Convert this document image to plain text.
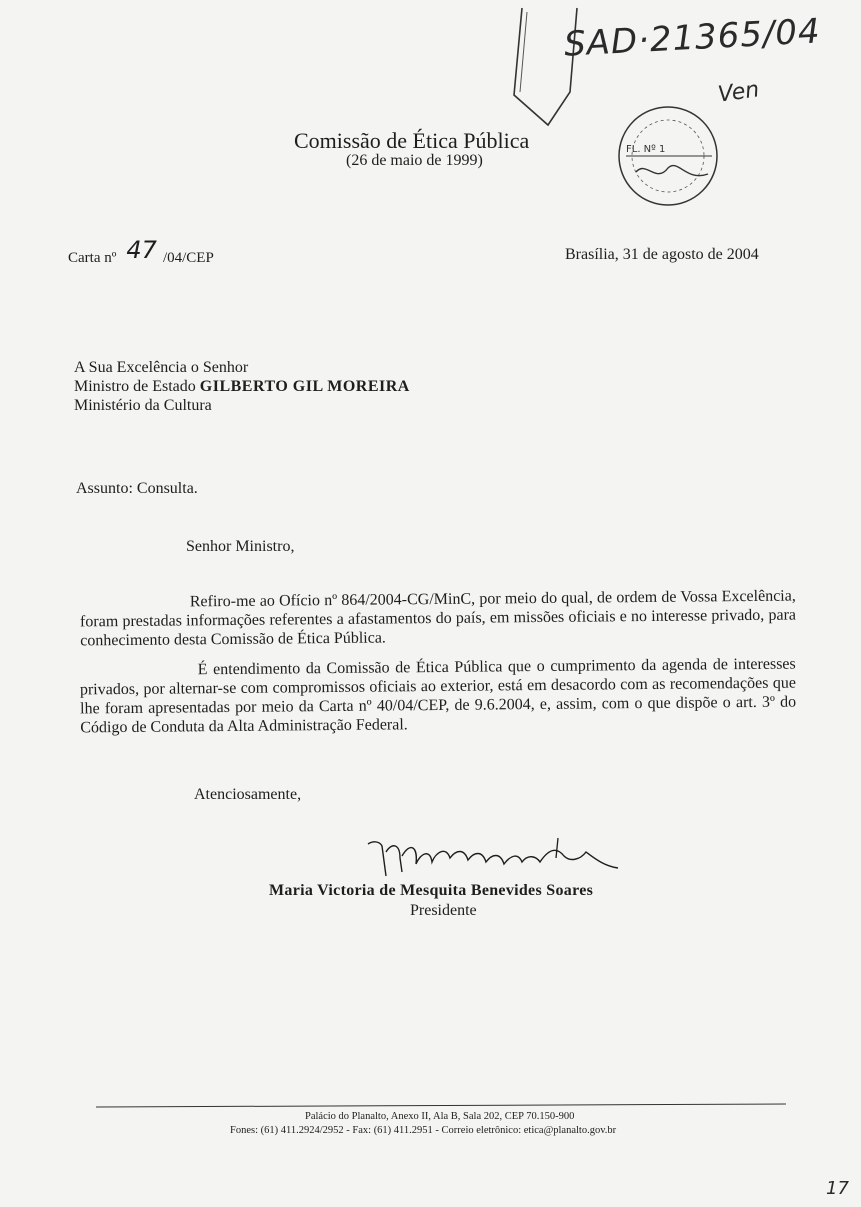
SAD·21365/04
Ven
FL. Nº 1
Comissão de Ética Pública
(26 de maio de 1999)
Carta nº 47 /04/CEP	Brasília, 31 de agosto de 2004
A Sua Excelência o Senhor
Ministro de Estado GILBERTO GIL MOREIRA
Ministério da Cultura
Assunto: Consulta.
Senhor Ministro,
Refiro-me ao Ofício nº 864/2004-CG/MinC, por meio do qual, de ordem de Vossa Excelência, foram prestadas informações referentes a afastamentos do país, em missões oficiais e no interesse privado, para conhecimento desta Comissão de Ética Pública.
É entendimento da Comissão de Ética Pública que o cumprimento da agenda de interesses privados, por alternar-se com compromissos oficiais ao exterior, está em desacordo com as recomendações que lhe foram apresentadas por meio da Carta nº 40/04/CEP, de 9.6.2004, e, assim, com o que dispõe o art. 3º do Código de Conduta da Alta Administração Federal.
Atenciosamente,
Maria Victoria de Mesquita Benevides Soares
Presidente
Palácio do Planalto, Anexo II, Ala B, Sala 202, CEP 70.150-900
Fones: (61) 411.2924/2952 - Fax: (61) 411.2951 - Correio eletrônico: etica@planalto.gov.br
17
